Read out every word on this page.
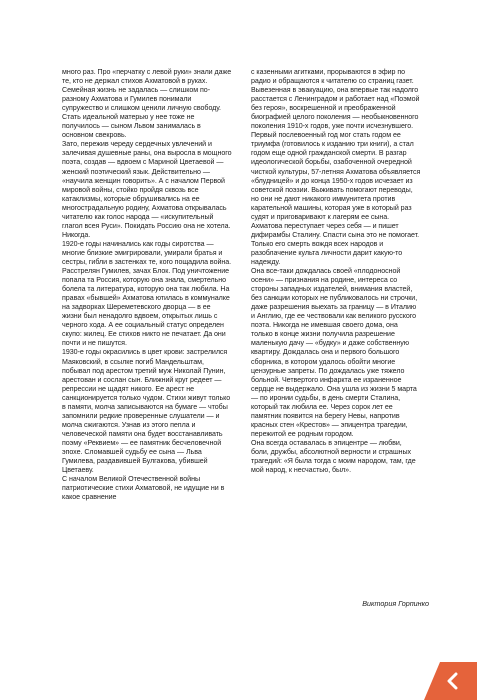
много раз. Про «перчатку с левой руки» знали даже те, кто не держал стихов Ахматовой в руках. Семейная жизнь не задалась — слишком по-разному Ахматова и Гумилев понимали супружество и слишком ценили личную свободу. Стать идеальной матерью у нее тоже не получилось — сыном Львом занималась в основном свекровь.

Зато, пережив череду сердечных увлечений и залечивая душевные раны, она выросла в мощного поэта, создав — вдвоем с Мариной Цветаевой — женский поэтический язык. Действительно — «научила женщин говорить». А с началом Первой мировой войны, стойко пройдя сквозь все катаклизмы, которые обрушивались на ее многострадальную родину, Ахматова открывалась читателю как голос народа — «искупительный глагол всея Руси». Покидать Россию она не хотела. Никогда.

1920-е годы начинались как годы сиротства — многие близкие эмигрировали, умирали братья и сестры, гибли в застенках те, кого пощадила война. Расстрелян Гумилев, зачах Блок. Под уничтожение попала та Россия, которую она знала, смертельно болела та литература, которую она так любила. На правах «бывшей» Ахматова ютилась в коммуналке на задворках Шереметевского дворца — в ее жизни был ненадолго вдвоем, открытых лишь с черного хода. А ее социальный статус определен скупо: жилец. Ее стихов никто не печатает. Да они почти и не пишутся.

1930-е годы окрасились в цвет крови: застрелился Маяковский, в ссылке погиб Мандельштам, побывал под арестом третий муж Николай Пунин, арестован и сослан сын. Ближний круг редеет — репрессии не щадят никого. Ее арест не санкционируется только чудом. Стихи живут только в памяти, молча записываются на бумаге — чтобы запомнили редкие проверенные слушатели — и молча сжигаются. Узнав из этого пепла и человеческой памяти она будет восстанавливать поэму «Реквием» — ее памятник бесчеловечной эпохе. Сломавшей судьбу ее сына — Льва Гумилева, раздавившей Булгакова, убившей Цветаеву.

С началом Великой Отечественной войны патриотические стихи Ахматовой, не идущие ни в какое сравнение

с казенными агитками, прорываются в эфир по радио и обращаются к читателю со страниц газет. Вывезенная в эвакуацию, она впервые так надолго расстается с Ленинградом и работает над «Поэмой без героя», воскрешенной и преображенной биографией целого поколения — необыкновенного поколения 1910-х годов, уже почти исчезнувшего.

Первый послевоенный год мог стать годом ее триумфа (готовилось к изданию три книги), а стал годом еще одной гражданской смерти. В разгар идеологической борьбы, озабоченной очередной чисткой культуры, 57-летняя Ахматова объявляется «блудницей» и до конца 1950-х годов исчезает из советской поэзии. Выживать помогают переводы, но они не дают никакого иммунитета против карательной машины, которая уже в который раз судят и приговаривают к лагерям ее сына. Ахматова переступает через себя — и пишет дифирамбы Сталину. Спасти сына это не помогает. Только его смерть вождя всех народов и разоблачение культа личности дарит какую-то надежду.

Она все-таки дождалась своей «плодоносной осени» — признания на родине, интереса со стороны западных издателей, внимания властей, без санкции которых не публиковалось ни строчки, даже разрешения выехать за границу — в Италию и Англию, где ее чествовали как великого русского поэта. Никогда не имевшая своего дома, она только в конце жизни получила разрешение маленькую дачу — «будку» и даже собственную квартиру. Дождалась она и первого большого сборника, в котором удалось обойти многие цензурные запреты. По дождалась уже тяжело больной. Четвертого инфаркта ее израненное сердце не выдержало. Она ушла из жизни 5 марта — по иронии судьбы, в день смерти Сталина, который так любила ее. Через сорок лет ее памятник появится на берегу Невы, напротив красных стен «Крестов» — эпицентра трагедии, пережитой ее родным городом.

Она всегда оставалась в эпицентре — любви, боли, дружбы, абсолютной верности и страшных трагедий: «Я была тогда с моим народом, там, где мой народ, к несчастью, был».

Виктория Горпинко
